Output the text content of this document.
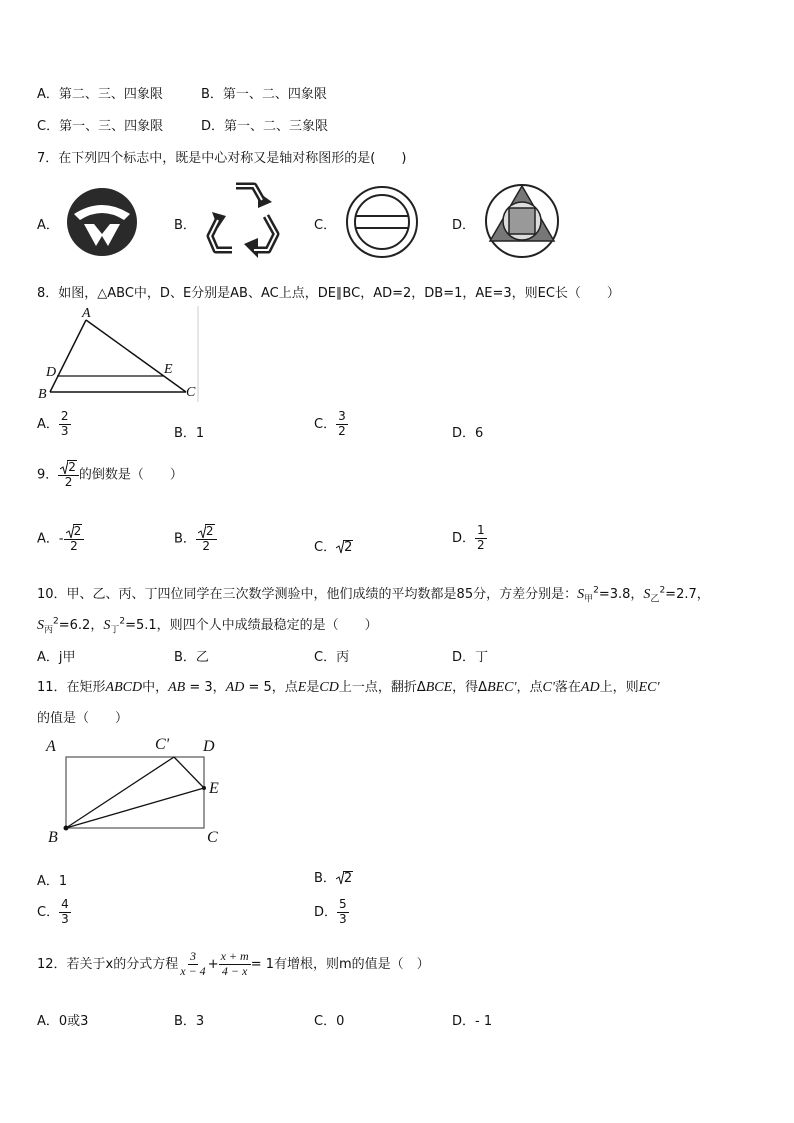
A．第二、三、四象限	B．第一、二、四象限
C．第一、三、四象限	D．第一、二、三象限
7．在下列四个标志中，既是中心对称又是轴对称图形的是(　　)
A．	B．	C．	D．
8．如图，△ABC中，D、E分别是AB、AC上点，DE∥BC，AD=2，DB=1，AE=3，则EC长（　　）
A
D	E
B	C
A． $\frac{2}{3}$	B．1
C． $\frac{3}{2}$	D．6
9． $\frac{2}{2}$ 的倒数是（　　）
A．- $\frac{2}{2}$	B． $\frac{2}{2}$	C． 2
D． $\frac{1}{2}$
10．甲、乙、丙、丁四位同学在三次数学测验中，他们成绩的平均数都是85分，方差分别是：$S_甲^2=3.8$，$S_乙^2=2.7$，
$S_丙^2=6.2$，$S_丁^2=5.1$，则四个人中成绩最稳定的是（　　）
A．j甲	B．乙	C．丙	D．丁
11．在矩形ABCD中，AB = 3，AD = 5，点E是CD上一点，翻折ΔBCE，得ΔBEC'，点C'落在AD上，则EC'
的值是（　　）
A	C' D
E
B	C
A．1	B． 2
C． $\frac{4}{3}$	D． $\frac{5}{3}$
12．若关于x的分式方程 $\frac{3}{x - 4} + \frac{x + m}{4 - x} = 1$有增根，则m的值是（　）
A．0或3	B．3	C．0	D．- 1
